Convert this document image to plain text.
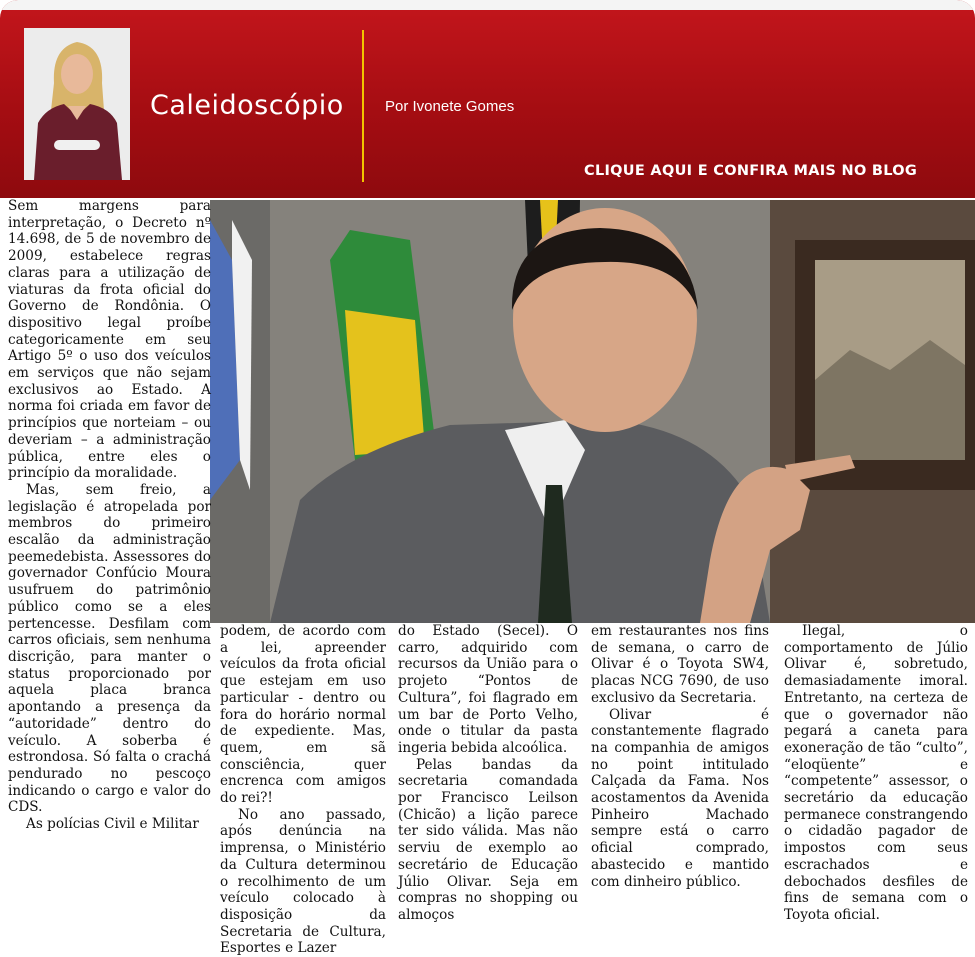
Caleidoscópio	Por Ivonete Gomes
CLIQUE AQUI E CONFIRA MAIS NO BLOG

Sem margens para interpretação, o Decreto nº 14.698, de 5 de novembro de 2009, estabelece regras claras para a utilização de viaturas da frota oficial do Governo de Rondônia. O dispositivo legal proíbe categoricamente em seu Artigo 5º o uso dos veículos em serviços que não sejam exclusivos ao Estado. A norma foi criada em favor de princípios que norteiam – ou deveriam – a administração pública, entre eles o princípio da moralidade.

Mas, sem freio, a legislação é atropelada por membros do primeiro escalão da administração peemedebista. Assessores do governador Confúcio Moura usufruem do patrimônio público como se a eles pertencesse. Desfilam com carros oficiais, sem nenhuma discrição, para manter o status proporcionado por aquela placa branca apontando a presença da “autoridade” dentro do veículo. A soberba é estrondosa. Só falta o crachá pendurado no pescoço indicando o cargo e valor do CDS.

As polícias Civil e Militar

podem, de acordo com a lei, apreender veículos da frota oficial que estejam em uso particular - dentro ou fora do horário normal de expediente. Mas, quem, em sã consciência, quer encrenca com amigos do rei?!

No ano passado, após denúncia na imprensa, o Ministério da Cultura determinou o recolhimento de um veículo colocado à disposição da Secretaria de Cultura, Esportes e Lazer

do Estado (Secel). O carro, adquirido com recursos da União para o projeto “Pontos de Cultura”, foi flagrado em um bar de Porto Velho, onde o titular da pasta ingeria bebida alcoólica.

Pelas bandas da secretaria comandada por Francisco Leilson (Chicão) a lição parece ter sido válida. Mas não serviu de exemplo ao secretário de Educação Júlio Olivar. Seja em compras no shopping ou almoços

em restaurantes nos fins de semana, o carro de Olivar é o Toyota SW4, placas NCG 7690, de uso exclusivo da Secretaria.

Olivar é constantemente flagrado na companhia de amigos no point intitulado Calçada da Fama. Nos acostamentos da Avenida Pinheiro Machado sempre está o carro oficial comprado, abastecido e mantido com dinheiro público.

Ilegal, o comportamento de Júlio Olivar é, sobretudo, demasiadamente imoral. Entretanto, na certeza de que o governador não pegará a caneta para exoneração de tão “culto”, “eloqüente” e “competente” assessor, o secretário da educação permanece constrangendo o cidadão pagador de impostos com seus escrachados e debochados desfiles de fins de semana com o Toyota oficial.
